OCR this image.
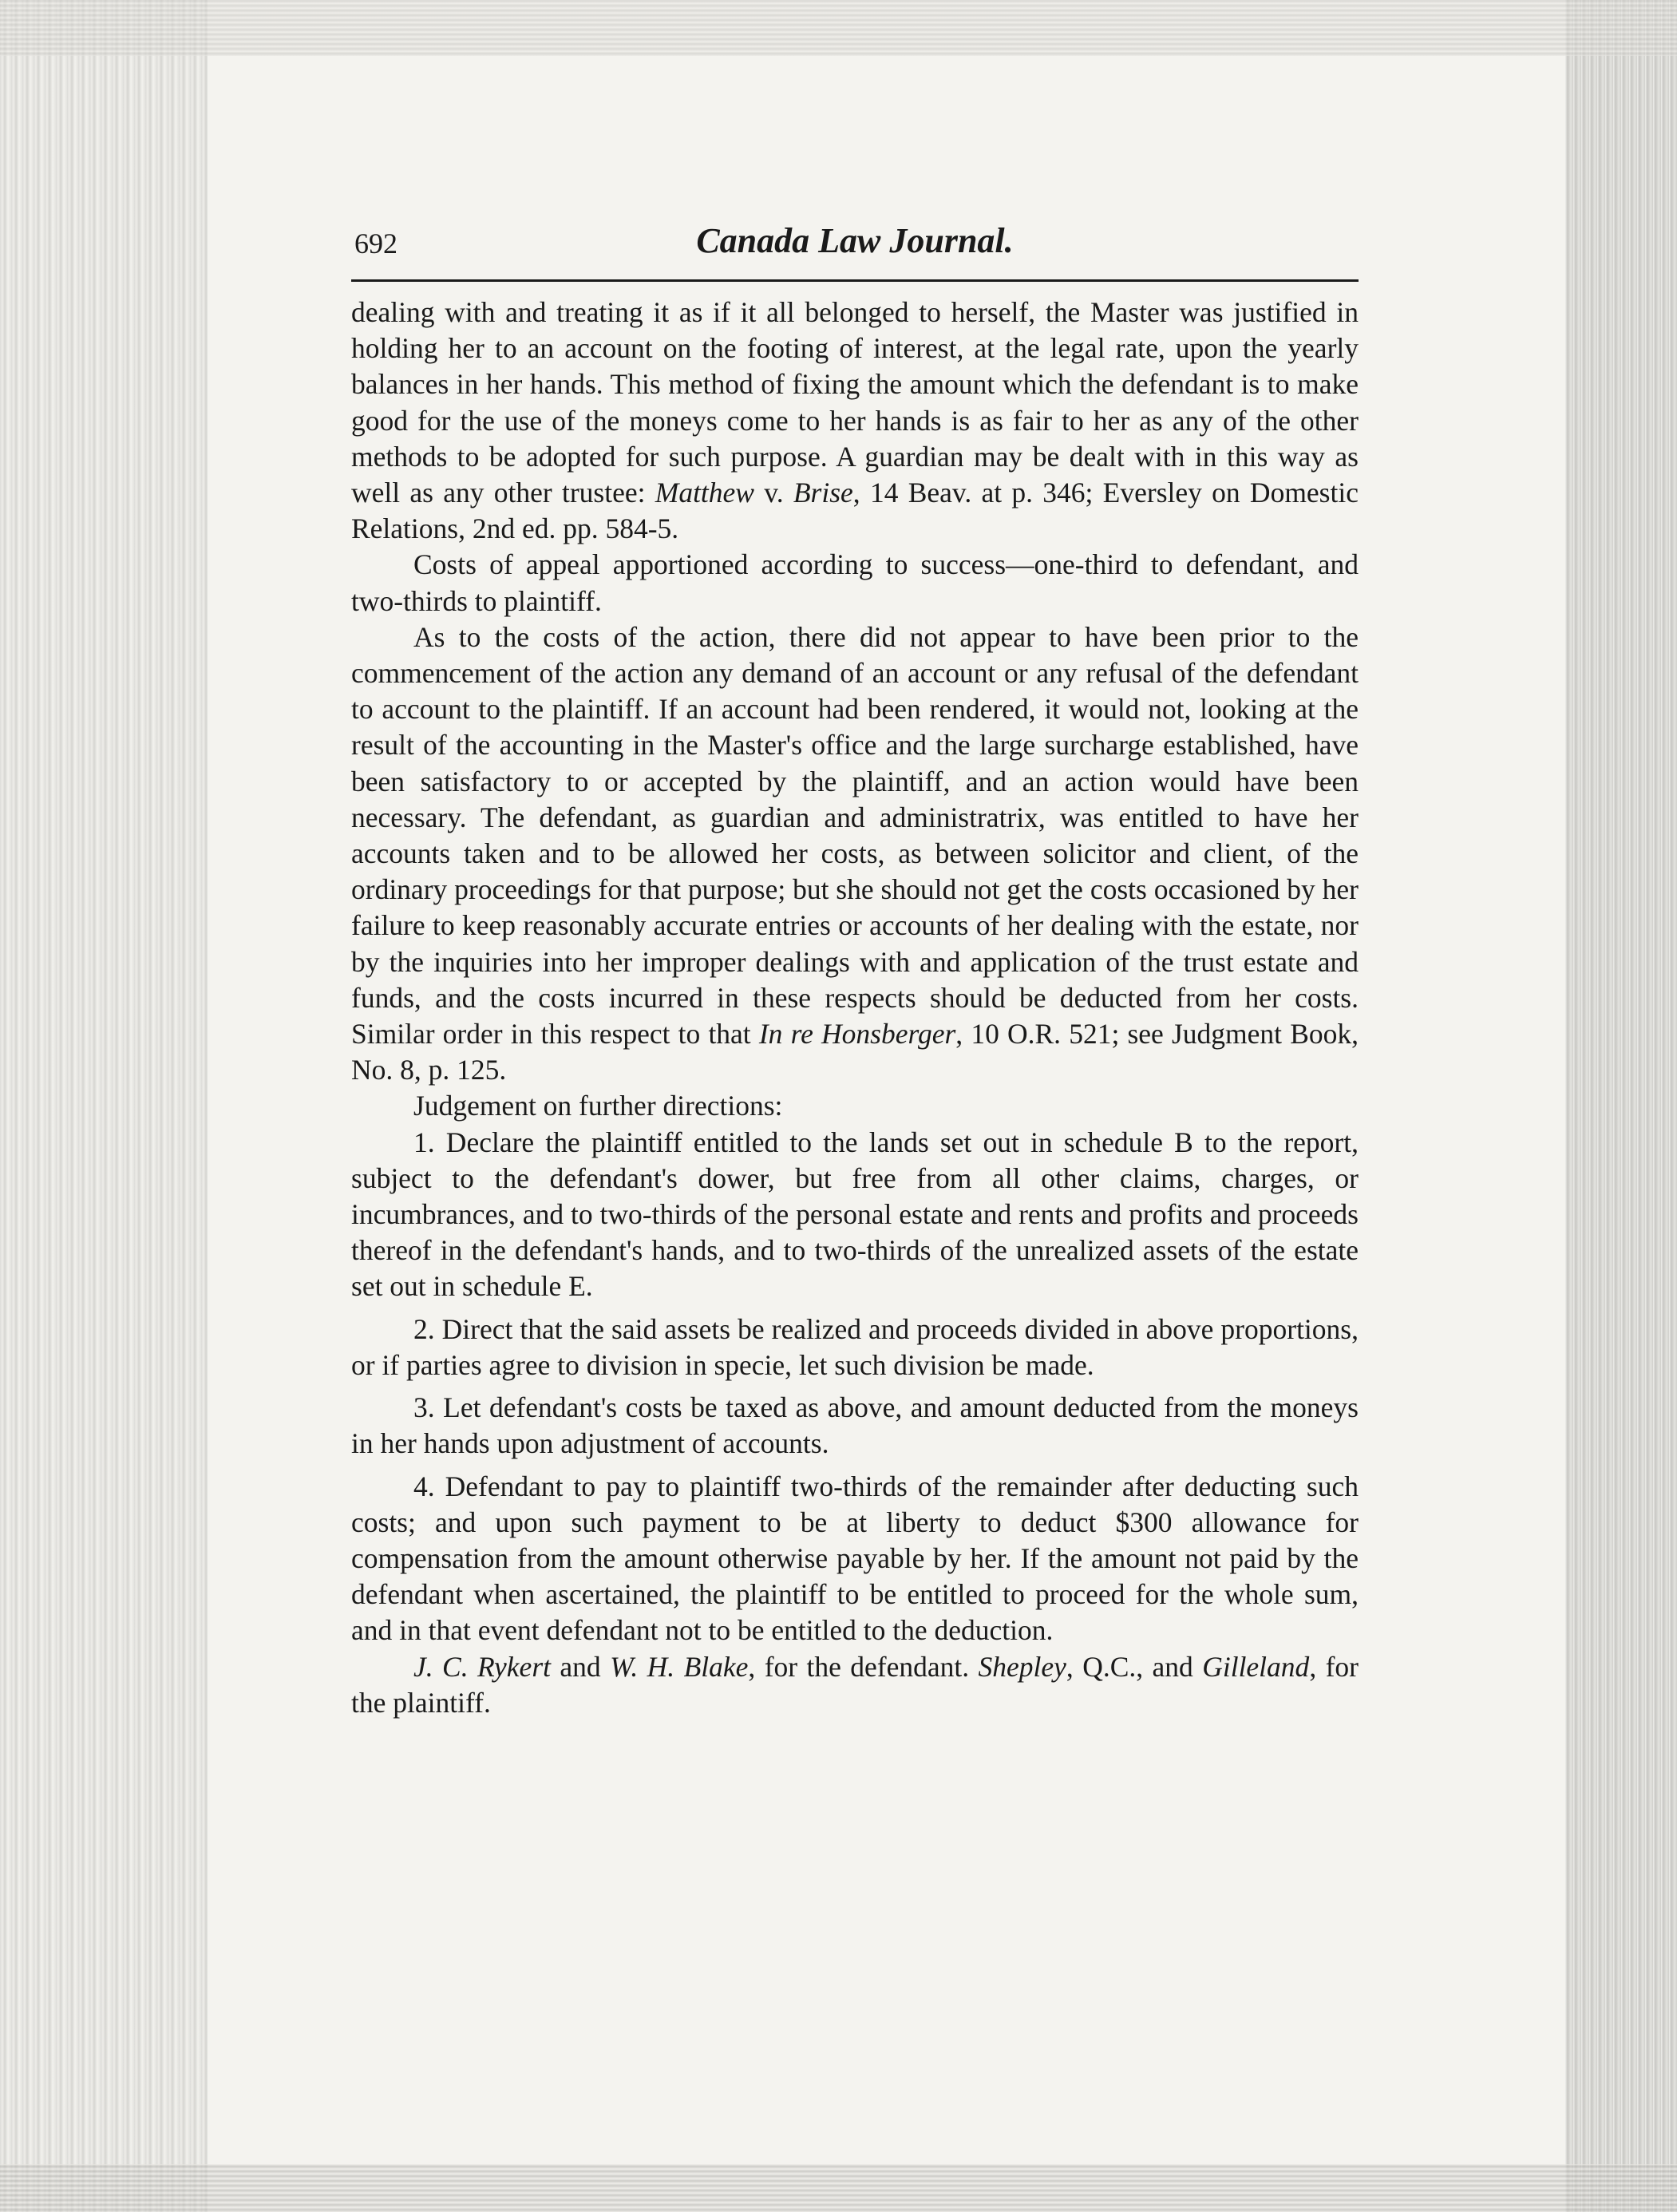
692	Canada Law Journal.

dealing with and treating it as if it all belonged to herself, the Master was justified in holding her to an account on the footing of interest, at the legal rate, upon the yearly balances in her hands. This method of fixing the amount which the defendant is to make good for the use of the moneys come to her hands is as fair to her as any of the other methods to be adopted for such purpose. A guardian may be dealt with in this way as well as any other trustee: Matthew v. Brise, 14 Beav. at p. 346; Eversley on Domestic Relations, 2nd ed. pp. 584-5.

Costs of appeal apportioned according to success—one-third to defendant, and two-thirds to plaintiff.

As to the costs of the action, there did not appear to have been prior to the commencement of the action any demand of an account or any refusal of the defendant to account to the plaintiff. If an account had been rendered, it would not, looking at the result of the accounting in the Master's office and the large surcharge established, have been satisfactory to or accepted by the plaintiff, and an action would have been necessary. The defendant, as guardian and administratrix, was entitled to have her accounts taken and to be allowed her costs, as between solicitor and client, of the ordinary proceedings for that purpose; but she should not get the costs occasioned by her failure to keep reasonably accurate entries or accounts of her dealing with the estate, nor by the inquiries into her improper dealings with and application of the trust estate and funds, and the costs incurred in these respects should be deducted from her costs. Similar order in this respect to that In re Honsberger, 10 O.R. 521; see Judgment Book, No. 8, p. 125.

Judgement on further directions:

1. Declare the plaintiff entitled to the lands set out in schedule B to the report, subject to the defendant's dower, but free from all other claims, charges, or incumbrances, and to two-thirds of the personal estate and rents and profits and proceeds thereof in the defendant's hands, and to two-thirds of the unrealized assets of the estate set out in schedule E.

2. Direct that the said assets be realized and proceeds divided in above proportions, or if parties agree to division in specie, let such division be made.

3. Let defendant's costs be taxed as above, and amount deducted from the moneys in her hands upon adjustment of accounts.

4. Defendant to pay to plaintiff two-thirds of the remainder after deducting such costs; and upon such payment to be at liberty to deduct $300 allowance for compensation from the amount otherwise payable by her. If the amount not paid by the defendant when ascertained, the plaintiff to be entitled to proceed for the whole sum, and in that event defendant not to be entitled to the deduction.

J. C. Rykert and W. H. Blake, for the defendant. Shepley, Q.C., and Gilleland, for the plaintiff.
